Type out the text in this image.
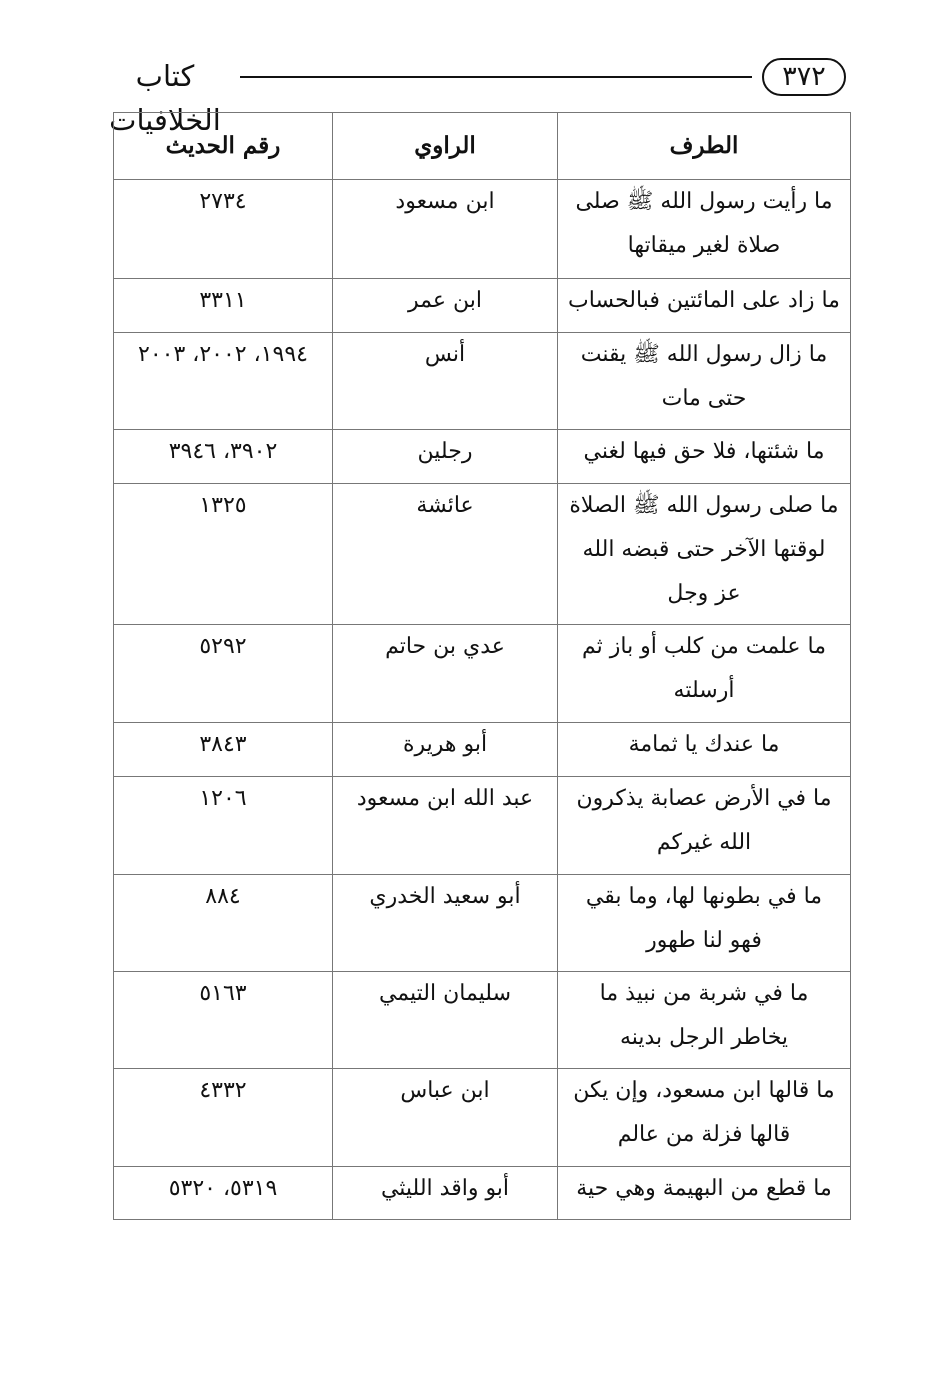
٣٧٢
كتاب الخلافيات
الطرف	الراوي	رقم الحديث
ما رأيت رسول الله ﷺ صلى صلاة لغير ميقاتها	ابن مسعود	٢٧٣٤
ما زاد على المائتين فبالحساب	ابن عمر	٣٣١١
ما زال رسول الله ﷺ يقنت حتى مات	أنس	١٩٩٤، ٢٠٠٢، ٢٠٠٣
ما شئتها، فلا حق فيها لغني	رجلين	٣٩٠٢، ٣٩٤٦
ما صلى رسول الله ﷺ الصلاة لوقتها الآخر حتى قبضه الله عز وجل	عائشة	١٣٢٥
ما علمت من كلب أو باز ثم أرسلته	عدي بن حاتم	٥٢٩٢
ما عندك يا ثمامة	أبو هريرة	٣٨٤٣
ما في الأرض عصابة يذكرون الله غيركم	عبد الله ابن مسعود	١٢٠٦
ما في بطونها لها، وما بقي فهو لنا طهور	أبو سعيد الخدري	٨٨٤
ما في شربة من نبيذ ما يخاطر الرجل بدينه	سليمان التيمي	٥١٦٣
ما قالها ابن مسعود، وإن يكن قالها فزلة من عالم	ابن عباس	٤٣٣٢
ما قطع من البهيمة وهي حية	أبو واقد الليثي	٥٣١٩، ٥٣٢٠
